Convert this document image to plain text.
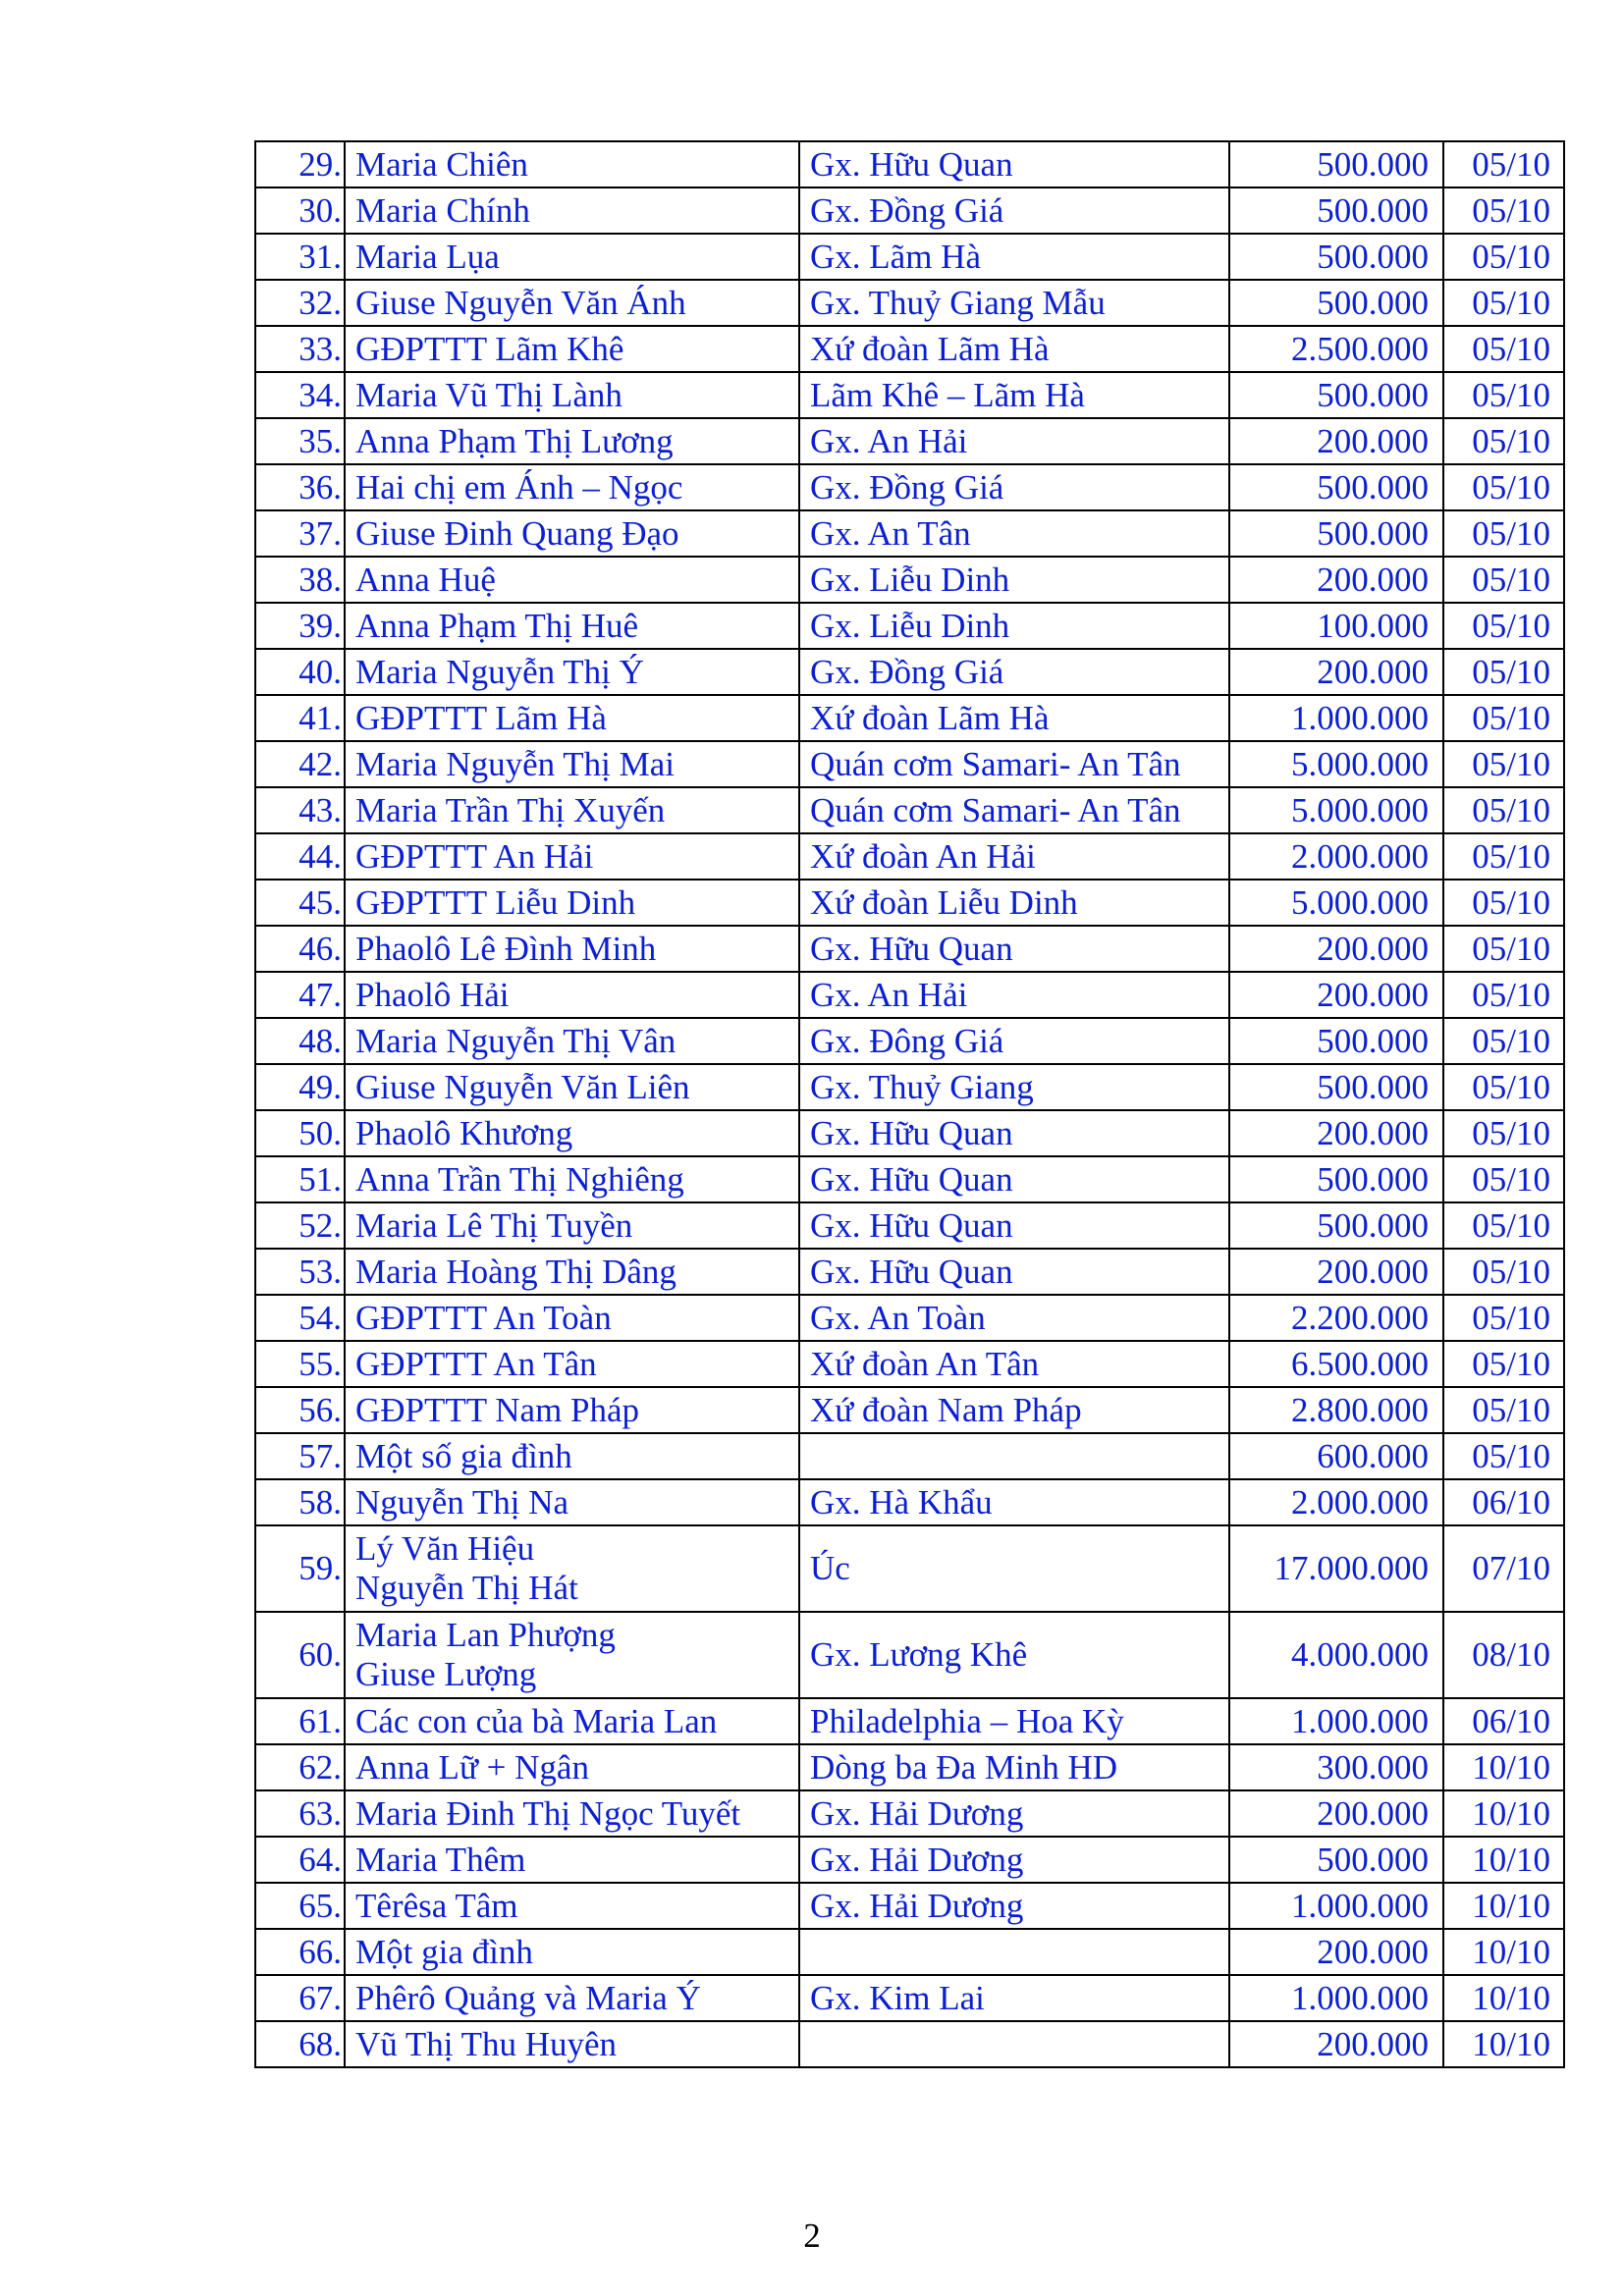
29.	Maria Chiên	Gx. Hữu Quan	500.000	05/10
30.	Maria Chính	Gx. Đồng Giá	500.000	05/10
31.	Maria Lụa	Gx. Lãm Hà	500.000	05/10
32.	Giuse Nguyễn Văn Ánh	Gx. Thuỷ Giang Mẫu	500.000	05/10
33.	GĐPTTT Lãm Khê	Xứ đoàn Lãm Hà	2.500.000	05/10
34.	Maria Vũ Thị Lành	Lãm Khê – Lãm Hà	500.000	05/10
35.	Anna Phạm Thị Lương	Gx. An Hải	200.000	05/10
36.	Hai chị em Ánh – Ngọc	Gx. Đồng Giá	500.000	05/10
37.	Giuse Đinh Quang Đạo	Gx. An Tân	500.000	05/10
38.	Anna Huệ	Gx. Liễu Dinh	200.000	05/10
39.	Anna Phạm Thị Huê	Gx. Liễu Dinh	100.000	05/10
40.	Maria Nguyễn Thị Ý	Gx. Đồng Giá	200.000	05/10
41.	GĐPTTT Lãm Hà	Xứ đoàn Lãm Hà	1.000.000	05/10
42.	Maria Nguyễn Thị Mai	Quán cơm Samari- An Tân	5.000.000	05/10
43.	Maria Trần Thị Xuyến	Quán cơm Samari- An Tân	5.000.000	05/10
44.	GĐPTTT An Hải	Xứ đoàn An Hải	2.000.000	05/10
45.	GĐPTTT Liễu Dinh	Xứ đoàn Liễu Dinh	5.000.000	05/10
46.	Phaolô Lê Đình Minh	Gx. Hữu Quan	200.000	05/10
47.	Phaolô Hải	Gx. An Hải	200.000	05/10
48.	Maria Nguyễn Thị Vân	Gx. Đông Giá	500.000	05/10
49.	Giuse Nguyễn Văn Liên	Gx. Thuỷ Giang	500.000	05/10
50.	Phaolô Khương	Gx. Hữu Quan	200.000	05/10
51.	Anna Trần Thị Nghiêng	Gx. Hữu Quan	500.000	05/10
52.	Maria Lê Thị Tuyền	Gx. Hữu Quan	500.000	05/10
53.	Maria Hoàng Thị Dâng	Gx. Hữu Quan	200.000	05/10
54.	GĐPTTT An Toàn	Gx. An Toàn	2.200.000	05/10
55.	GĐPTTT An Tân	Xứ đoàn An Tân	6.500.000	05/10
56.	GĐPTTT Nam Pháp	Xứ đoàn Nam Pháp	2.800.000	05/10
57.	Một số gia đình		600.000	05/10
58.	Nguyễn Thị Na	Gx. Hà Khẩu	2.000.000	06/10
59.	Lý Văn Hiệu
Nguyễn Thị Hát	Úc	17.000.000	07/10
60.	Maria Lan Phượng
Giuse Lượng	Gx. Lương Khê	4.000.000	08/10
61.	Các con của bà Maria Lan	Philadelphia – Hoa Kỳ	1.000.000	06/10
62.	Anna Lữ + Ngân	Dòng ba Đa Minh HD	300.000	10/10
63.	Maria Đinh Thị Ngọc Tuyết	Gx. Hải Dương	200.000	10/10
64.	Maria Thêm	Gx. Hải Dương	500.000	10/10
65.	Têrêsa Tâm	Gx. Hải Dương	1.000.000	10/10
66.	Một gia đình		200.000	10/10
67.	Phêrô Quảng và Maria Ý	Gx. Kim Lai	1.000.000	10/10
68.	Vũ Thị Thu Huyên		200.000	10/10
2
